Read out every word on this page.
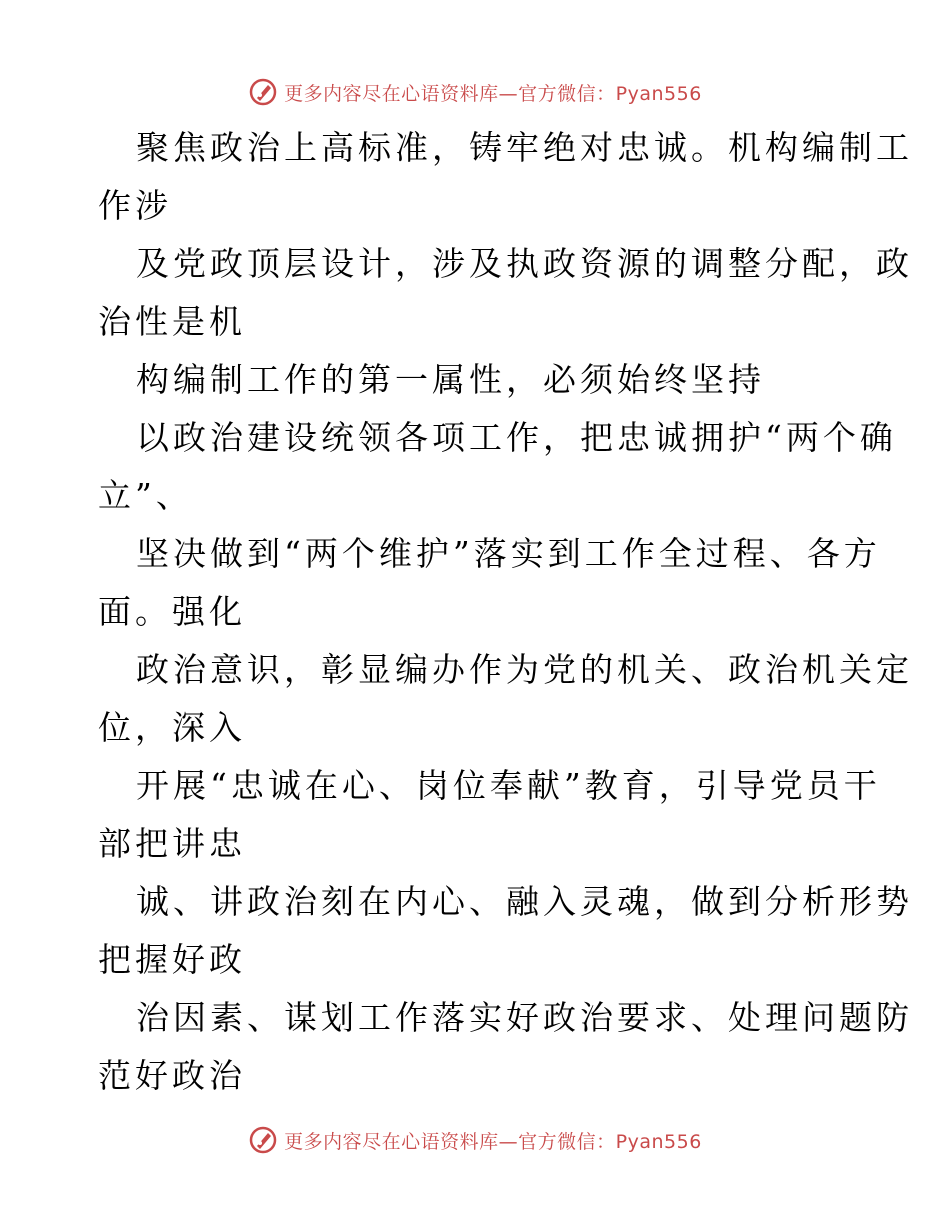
更多内容尽在心语资料库—官方微信：Pyan556
聚焦政治上高标准，铸牢绝对忠诚。机构编制工
作涉
及党政顶层设计，涉及执政资源的调整分配，政
治性是机
构编制工作的第一属性，必须始终坚持
以政治建设统领各项工作，把忠诚拥护“两个确
立”、
坚决做到“两个维护”落实到工作全过程、各方
面。强化
政治意识，彰显编办作为党的机关、政治机关定
位，深入
开展“忠诚在心、岗位奉献”教育，引导党员干
部把讲忠
诚、讲政治刻在内心、融入灵魂，做到分析形势
把握好政
治因素、谋划工作落实好政治要求、处理问题防
范好政治
更多内容尽在心语资料库—官方微信：Pyan556
